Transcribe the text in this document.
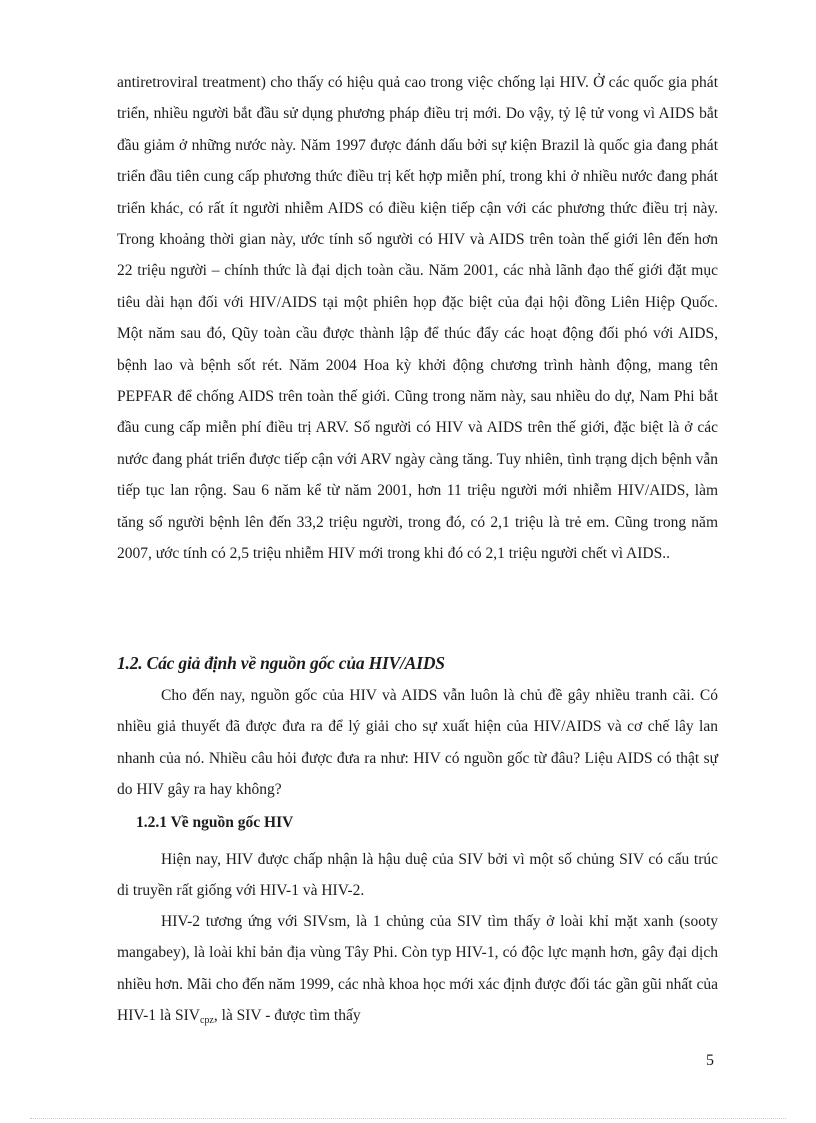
antiretroviral treatment) cho thấy có hiệu quả cao trong việc chống lại HIV. Ở các quốc gia phát triển, nhiều người bắt đầu sử dụng phương pháp điều trị mới. Do vậy, tỷ lệ tử vong vì AIDS bắt đầu giảm ở những nước này. Năm 1997 được đánh dấu bởi sự kiện Brazil là quốc gia đang phát triển đầu tiên cung cấp phương thức điều trị kết hợp miễn phí, trong khi ở nhiều nước đang phát triển khác, có rất ít người nhiễm AIDS có điều kiện tiếp cận với các phương thức điều trị này. Trong khoảng thời gian này, ước tính số người có HIV và AIDS trên toàn thế giới lên đến hơn 22 triệu người – chính thức là đại dịch toàn cầu. Năm 2001, các nhà lãnh đạo thế giới đặt mục tiêu dài hạn đối với HIV/AIDS tại một phiên họp đặc biệt của đại hội đồng Liên Hiệp Quốc. Một năm sau đó, Qũy toàn cầu được thành lập để thúc đẩy các hoạt động đối phó với AIDS, bệnh lao và bệnh sốt rét. Năm 2004 Hoa kỳ khởi động chương trình hành động, mang tên PEPFAR để chống AIDS trên toàn thế giới. Cũng trong năm này, sau nhiều do dự, Nam Phi bắt đầu cung cấp miễn phí điều trị ARV. Số người có HIV và AIDS trên thế giới, đặc biệt là ở các nước đang phát triển được tiếp cận với ARV ngày càng tăng. Tuy nhiên, tình trạng dịch bệnh vẫn tiếp tục lan rộng. Sau 6 năm kể từ năm 2001, hơn 11 triệu người mới nhiễm HIV/AIDS, làm tăng số người bệnh lên đến 33,2 triệu người, trong đó, có 2,1 triệu là trẻ em. Cũng trong năm 2007, ước tính có 2,5 triệu nhiễm HIV mới trong khi đó có 2,1 triệu người chết vì AIDS..

1.2. Các giả định về nguồn gốc của HIV/AIDS

Cho đến nay, nguồn gốc của HIV và AIDS vẫn luôn là chủ đề gây nhiều tranh cãi. Có nhiều giả thuyết đã được đưa ra để lý giải cho sự xuất hiện của HIV/AIDS và cơ chế lây lan nhanh của nó. Nhiều câu hỏi được đưa ra như: HIV có nguồn gốc từ đâu? Liệu AIDS có thật sự do HIV gây ra hay không?

1.2.1 Về nguồn gốc HIV

Hiện nay, HIV được chấp nhận là hậu duệ của SIV bởi vì một số chủng SIV có cấu trúc di truyền rất giống với HIV-1 và HIV-2.

HIV-2 tương ứng với SIVsm, là 1 chủng của SIV tìm thấy ở loài khỉ mặt xanh (sooty mangabey), là loài khỉ bản địa vùng Tây Phi. Còn typ HIV-1, có độc lực mạnh hơn, gây đại dịch nhiều hơn. Mãi cho đến năm 1999, các nhà khoa học mới xác định được đối tác gần gũi nhất của HIV-1 là $SIV_{cpz}$, là SIV - được tìm thấy

5
